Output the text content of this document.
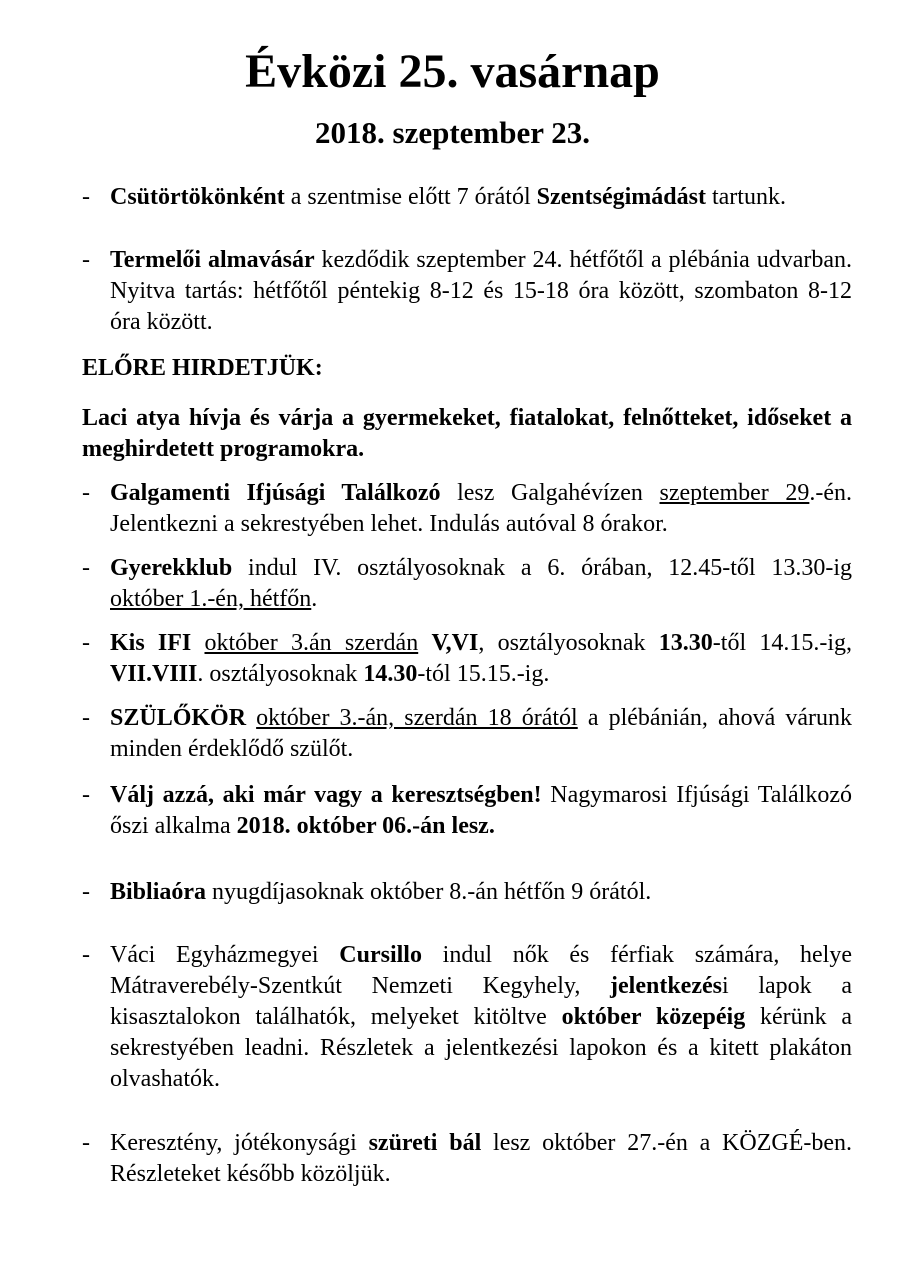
Évközi 25. vasárnap
2018. szeptember 23.
- Csütörtökönként a szentmise előtt 7 órától Szentségimádást tartunk.
- Termelői almavásár kezdődik szeptember 24. hétfőtől a plébánia udvarban. Nyitva tartás: hétfőtől péntekig 8-12 és 15-18 óra között, szombaton 8-12 óra között.
ELŐRE HIRDETJÜK:
Laci atya hívja és várja a gyermekeket, fiatalokat, felnőtteket, időseket a meghirdetett programokra.
- Galgamenti Ifjúsági Találkozó lesz Galgahévízen szeptember 29.-én. Jelentkezni a sekrestyében lehet. Indulás autóval 8 órakor.
- Gyerekklub indul IV. osztályosoknak a 6. órában, 12.45-től 13.30-ig október 1.-én, hétfőn.
- Kis IFI október 3.án szerdán V,VI, osztályosoknak 13.30-től 14.15.-ig, VII.VIII. osztályosoknak 14.30-tól 15.15.-ig.
- SZÜLŐKÖR október 3.-án, szerdán 18 órától a plébánián, ahová várunk minden érdeklődő szülőt.
- Válj azzá, aki már vagy a keresztségben! Nagymarosi Ifjúsági Találkozó őszi alkalma 2018. október 06.-án lesz.
- Bibliaóra nyugdíjasoknak október 8.-án hétfőn 9 órától.
- Váci Egyházmegyei Cursillo indul nők és férfiak számára, helye Mátraverebély-Szentkút Nemzeti Kegyhely, jelentkezési lapok a kisasztalokon találhatók, melyeket kitöltve október közepéig kérünk a sekrestyében leadni. Részletek a jelentkezési lapokon és a kitett plakáton olvashatók.
- Keresztény, jótékonysági szüreti bál lesz október 27.-én a KÖZGÉ-ben. Részleteket később közöljük.
